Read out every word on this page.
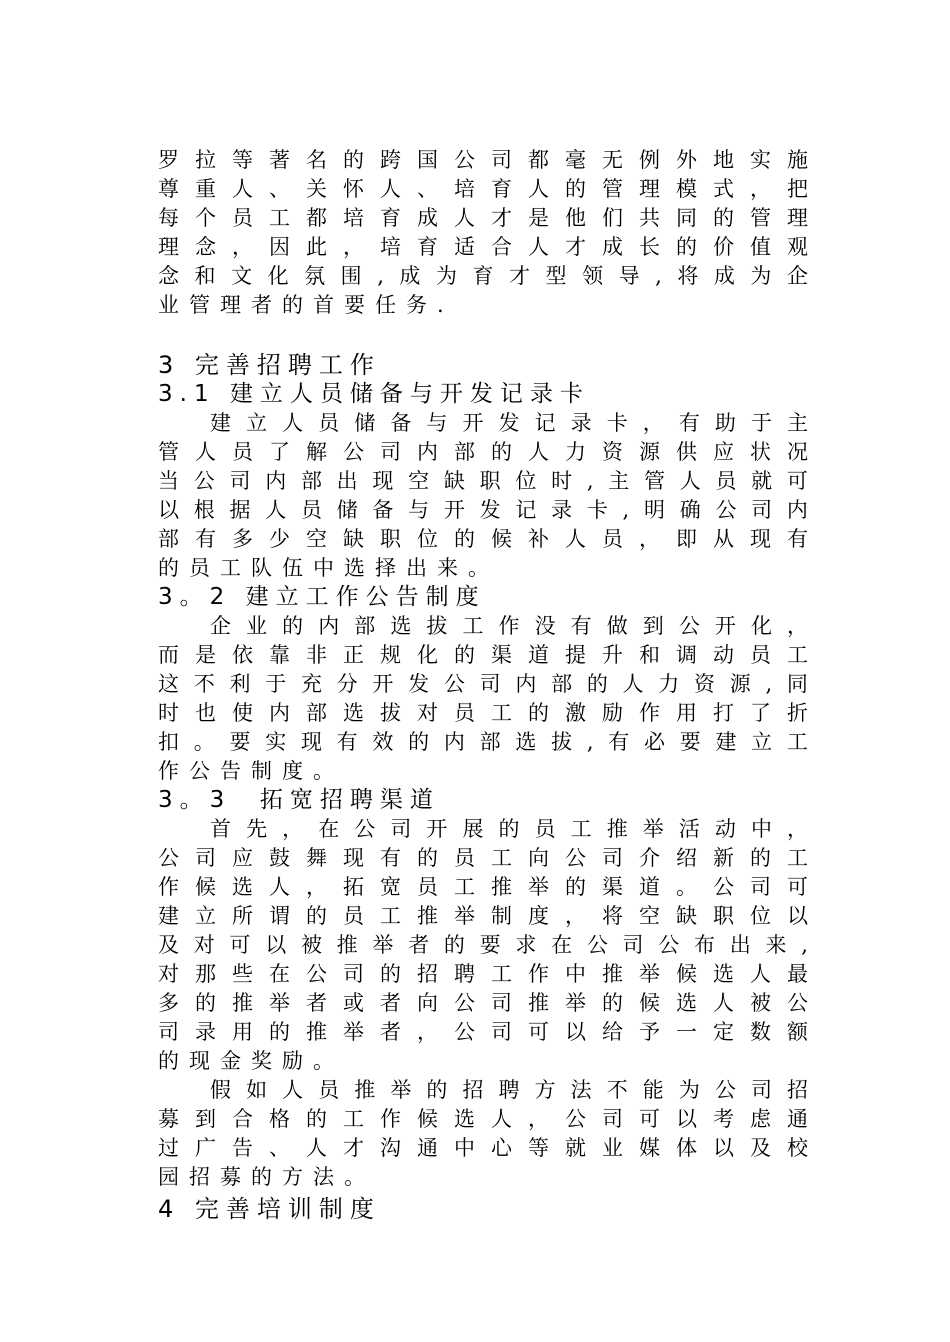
罗 拉 等 著 名 的 跨 国 公 司 都 毫 无 例 外 地 实 施
尊 重 人 、 关 怀 人 、 培 育 人 的 管 理 模 式 ， 把
每 个 员 工 都 培 育 成 人 才 是 他 们 共 同 的 管 理
理 念 ， 因 此 ， 培 育 适 合 人 才 成 长 的 价 值 观
念 和 文 化 氛 围 , 成 为 育 才 型 领 导 , 将 成 为 企
业管理者的首要任务.
3 完善招聘工作
3.1 建立人员储备与开发记录卡
建 立 人 员 储 备 与 开 发 记 录 卡 ， 有 助 于 主
管 人 员 了 解 公 司 内 部 的 人 力 资 源 供 应 状 况
当 公 司 内 部 出 现 空 缺 职 位 时 , 主 管 人 员 就 可
以 根 据 人 员 储 备 与 开 发 记 录 卡 , 明 确 公 司 内
部 有 多 少 空 缺 职 位 的 候 补 人 员 ， 即 从 现 有
的员工队伍中选择出来。
3。2 建立工作公告制度
企 业 的 内 部 选 拔 工 作 没 有 做 到 公 开 化 ，
而 是 依 靠 非 正 规 化 的 渠 道 提 升 和 调 动 员 工
这 不 利 于 充 分 开 发 公 司 内 部 的 人 力 资 源 , 同
时 也 使 内 部 选 拔 对 员 工 的 激 励 作 用 打 了 折
扣 。 要 实 现 有 效 的 内 部 选 拔 , 有 必 要 建 立 工
作公告制度。
3。3  拓宽招聘渠道
首 先 ， 在 公 司 开 展 的 员 工 推 举 活 动 中 ，
公 司 应 鼓 舞 现 有 的 员 工 向 公 司 介 绍 新 的 工
作 候 选 人 ， 拓 宽 员 工 推 举 的 渠 道 。 公 司 可
建 立 所 谓 的 员 工 推 举 制 度 ， 将 空 缺 职 位 以
及 对 可 以 被 推 举 者 的 要 求 在 公 司 公 布 出 来 ,
对 那 些 在 公 司 的 招 聘 工 作 中 推 举 候 选 人 最
多 的 推 举 者 或 者 向 公 司 推 举 的 候 选 人 被 公
司 录 用 的 推 举 者 ， 公 司 可 以 给 予 一 定 数 额
的现金奖励。
假 如 人 员 推 举 的 招 聘 方 法 不 能 为 公 司 招
募 到 合 格 的 工 作 候 选 人 ， 公 司 可 以 考 虑 通
过 广 告 、 人 才 沟 通 中 心 等 就 业 媒 体 以 及 校
园招募的方法。
4 完善培训制度
